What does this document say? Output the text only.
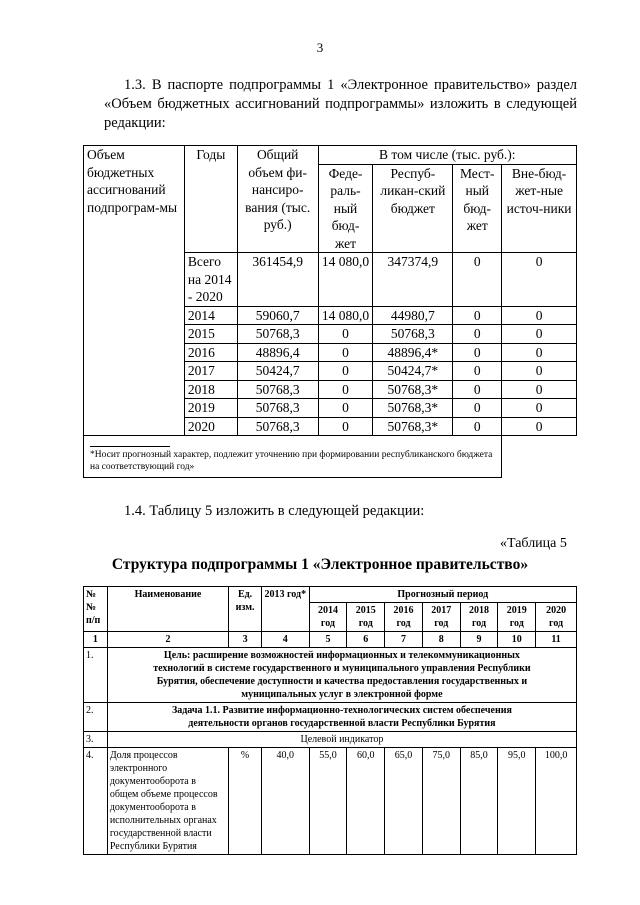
3
1.3. В паспорте подпрограммы 1 «Электронное правительство» раздел «Объем бюджетных ассигнований подпрограммы» изложить в следующей редакции:
Объем бюджетных ассигнований подпрограм-мы	Годы	Общий объем фи-нансиро-вания (тыс. руб.)	В том числе (тыс. руб.):			
			Феде-раль-ный бюд-жет	Респуб-ликан-ский бюджет	Мест-ный бюд-жет	Вне-бюд-жет-ные источ-ники
	Всего на 2014 - 2020	361454,9	14 080,0	347374,9	0	0
	2014	59060,7	14 080,0	44980,7	0	0
	2015	50768,3	0	50768,3	0	0
	2016	48896,4	0	48896,4*	0	0
	2017	50424,7	0	50424,7*	0	0
	2018	50768,3	0	50768,3*	0	0
	2019	50768,3	0	50768,3*	0	0
	2020	50768,3	0	50768,3*	0	0

*Носит прогнозный характер, подлежит уточнению при формировании республиканского бюджета на соответствующий год»						
1.4. Таблицу 5 изложить в следующей редакции:
«Таблица 5
Структура подпрограммы 1 «Электронное правительство»
№№ п/п	Наименование	Ед. изм.	2013 год*	Прогнозный период						
				2014 год	2015 год	2016 год	2017 год	2018 год	2019 год	2020 год
1	2	3	4	5	6	7	8	9	10	11
1.	Цель: расширение возможностей информационных и телекоммуникационных технологий в системе государственного и муниципального управления Республики Бурятия, обеспечение доступности и качества предоставления государственных и муниципальных услуг в электронной форме									
2.	Задача 1.1. Развитие информационно-технологических систем обеспечения деятельности органов государственной власти Республики Бурятия									
3.	Целевой индикатор									
4.	Доля процессов электронного документооборота в общем объеме процессов документооборота в исполнительных органах государственной власти Республики Бурятия	%	40,0	55,0	60,0	65,0	75,0	85,0	95,0	100,0
